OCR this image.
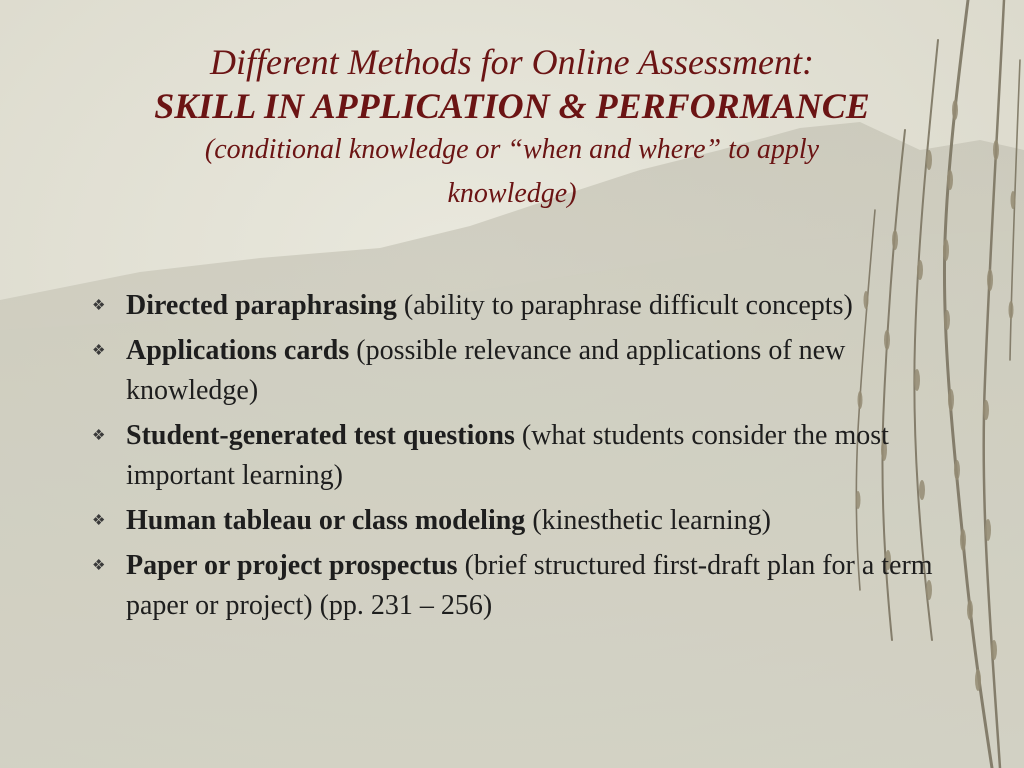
Different Methods for Online Assessment:
SKILL IN APPLICATION & PERFORMANCE
(conditional knowledge or “when and where” to apply knowledge)
❖ Directed paraphrasing (ability to paraphrase difficult concepts)
❖ Applications cards (possible relevance and applications of new knowledge)
❖ Student-generated test questions (what students consider the most important learning)
❖ Human tableau or class modeling (kinesthetic learning)
❖ Paper or project prospectus (brief structured first-draft plan for a term paper or project) (pp. 231 – 256)
